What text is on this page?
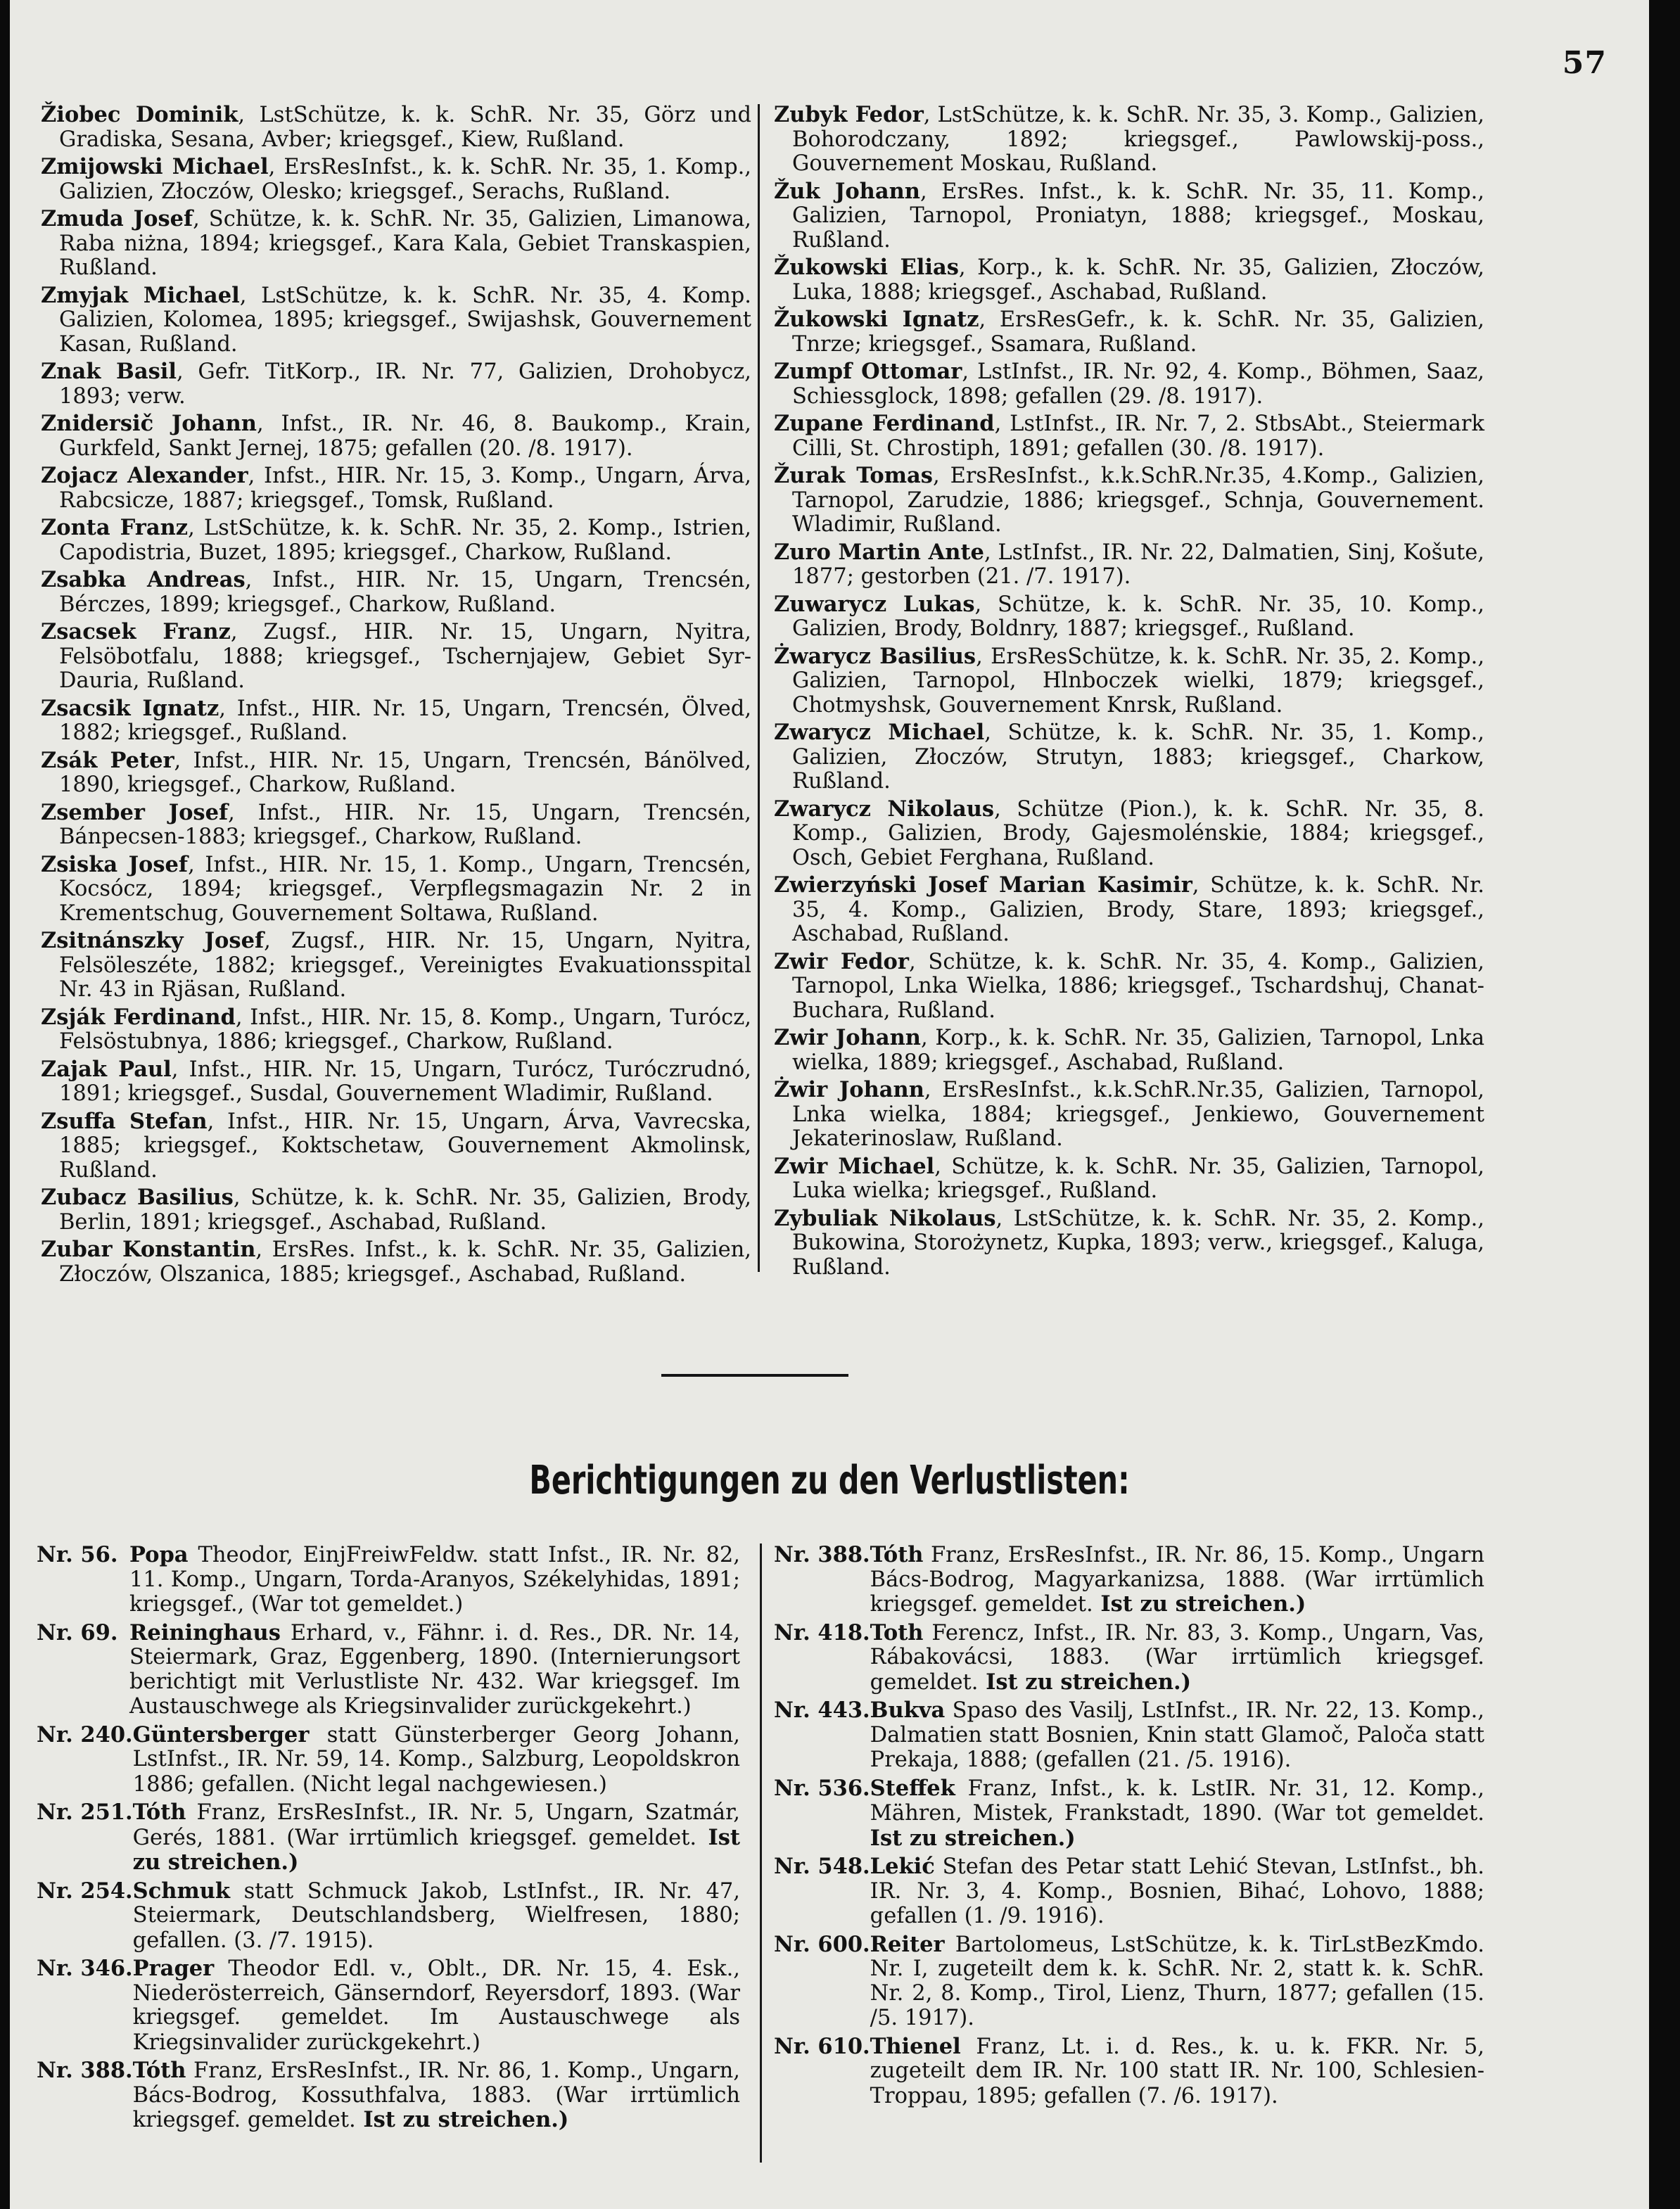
57
Žiobec Dominik, LstSchütze, k. k. SchR. Nr. 35, Görz und Gradiska, Sesana, Avber; kriegsgef., Kiew, Rußland.
Zmijowski Michael, ErsResInfst., k. k. SchR. Nr. 35, 1. Komp., Galizien, Złoczów, Olesko; kriegsgef., Serachs, Rußland.
Zmuda Josef, Schütze, k. k. SchR. Nr. 35, Galizien, Limanowa, Raba niżna, 1894; kriegsgef., Kara Kala, Gebiet Transkaspien, Rußland.
Zmyjak Michael, LstSchütze, k. k. SchR. Nr. 35, 4. Komp. Galizien, Kolomea, 1895; kriegsgef., Swijashsk, Gouvernement Kasan, Rußland.
Znak Basil, Gefr. TitKorp., IR. Nr. 77, Galizien, Drohobycz, 1893; verw.
Znidersič Johann, Infst., IR. Nr. 46, 8. Baukomp., Krain, Gurkfeld, Sankt Jernej, 1875; gefallen (20. /8. 1917).
Zojacz Alexander, Infst., HIR. Nr. 15, 3. Komp., Ungarn, Árva, Rabcsicze, 1887; kriegsgef., Tomsk, Rußland.
Zonta Franz, LstSchütze, k. k. SchR. Nr. 35, 2. Komp., Istrien, Capodistria, Buzet, 1895; kriegsgef., Charkow, Rußland.
Zsabka Andreas, Infst., HIR. Nr. 15, Ungarn, Trencsén, Bérczes, 1899; kriegsgef., Charkow, Rußland.
Zsacsek Franz, Zugsf., HIR. Nr. 15, Ungarn, Nyitra, Felsöbotfalu, 1888; kriegsgef., Tschernjajew, Gebiet Syr-Dauria, Rußland.
Zsacsik Ignatz, Infst., HIR. Nr. 15, Ungarn, Trencsén, Ölved, 1882; kriegsgef., Rußland.
Zsák Peter, Infst., HIR. Nr. 15, Ungarn, Trencsén, Bánölved, 1890, kriegsgef., Charkow, Rußland.
Zsember Josef, Infst., HIR. Nr. 15, Ungarn, Trencsén, Bánpecsen-1883; kriegsgef., Charkow, Rußland.
Zsiska Josef, Infst., HIR. Nr. 15, 1. Komp., Ungarn, Trencsén, Kocsócz, 1894; kriegsgef., Verpflegsmagazin Nr. 2 in Krementschug, Gouvernement Soltawa, Rußland.
Zsitnánszky Josef, Zugsf., HIR. Nr. 15, Ungarn, Nyitra, Felsöleszéte, 1882; kriegsgef., Vereinigtes Evakuationsspital Nr. 43 in Rjäsan, Rußland.
Zsják Ferdinand, Infst., HIR. Nr. 15, 8. Komp., Ungarn, Turócz, Felsöstubnya, 1886; kriegsgef., Charkow, Rußland.
Zajak Paul, Infst., HIR. Nr. 15, Ungarn, Turócz, Turóczrudnó, 1891; kriegsgef., Susdal, Gouvernement Wladimir, Rußland.
Zsuffa Stefan, Infst., HIR. Nr. 15, Ungarn, Árva, Vavrecska, 1885; kriegsgef., Koktschetaw, Gouvernement Akmolinsk, Rußland.
Zubacz Basilius, Schütze, k. k. SchR. Nr. 35, Galizien, Brody, Berlin, 1891; kriegsgef., Aschabad, Rußland.
Zubar Konstantin, ErsRes. Infst., k. k. SchR. Nr. 35, Galizien, Złoczów, Olszanica, 1885; kriegsgef., Aschabad, Rußland.
Zubyk Fedor, LstSchütze, k. k. SchR. Nr. 35, 3. Komp., Galizien, Bohorodczany, 1892; kriegsgef., Pawlowskij-poss., Gouvernement Moskau, Rußland.
Žuk Johann, ErsRes. Infst., k. k. SchR. Nr. 35, 11. Komp., Galizien, Tarnopol, Proniatyn, 1888; kriegsgef., Moskau, Rußland.
Žukowski Elias, Korp., k. k. SchR. Nr. 35, Galizien, Złoczów, Luka, 1888; kriegsgef., Aschabad, Rußland.
Žukowski Ignatz, ErsResGefr., k. k. SchR. Nr. 35, Galizien, Tnrze; kriegsgef., Ssamara, Rußland.
Zumpf Ottomar, LstInfst., IR. Nr. 92, 4. Komp., Böhmen, Saaz, Schiessglock, 1898; gefallen (29. /8. 1917).
Zupane Ferdinand, LstInfst., IR. Nr. 7, 2. StbsAbt., Steiermark Cilli, St. Chrostiph, 1891; gefallen (30. /8. 1917).
Žurak Tomas, ErsResInfst., k.k.SchR.Nr.35, 4.Komp., Galizien, Tarnopol, Zarudzie, 1886; kriegsgef., Schnja, Gouvernement. Wladimir, Rußland.
Zuro Martin Ante, LstInfst., IR. Nr. 22, Dalmatien, Sinj, Košute, 1877; gestorben (21. /7. 1917).
Zuwarycz Lukas, Schütze, k. k. SchR. Nr. 35, 10. Komp., Galizien, Brody, Boldnry, 1887; kriegsgef., Rußland.
Żwarycz Basilius, ErsResSchütze, k. k. SchR. Nr. 35, 2. Komp., Galizien, Tarnopol, Hlnboczek wielki, 1879; kriegsgef., Chotmyshsk, Gouvernement Knrsk, Rußland.
Zwarycz Michael, Schütze, k. k. SchR. Nr. 35, 1. Komp., Galizien, Złoczów, Strutyn, 1883; kriegsgef., Charkow, Rußland.
Zwarycz Nikolaus, Schütze (Pion.), k. k. SchR. Nr. 35, 8. Komp., Galizien, Brody, Gajesmolénskie, 1884; kriegsgef., Osch, Gebiet Ferghana, Rußland.
Zwierzyński Josef Marian Kasimir, Schütze, k. k. SchR. Nr. 35, 4. Komp., Galizien, Brody, Stare, 1893; kriegsgef., Aschabad, Rußland.
Zwir Fedor, Schütze, k. k. SchR. Nr. 35, 4. Komp., Galizien, Tarnopol, Lnka Wielka, 1886; kriegsgef., Tschardshuj, Chanat-Buchara, Rußland.
Zwir Johann, Korp., k. k. SchR. Nr. 35, Galizien, Tarnopol, Lnka wielka, 1889; kriegsgef., Aschabad, Rußland.
Żwir Johann, ErsResInfst., k.k.SchR.Nr.35, Galizien, Tarnopol, Lnka wielka, 1884; kriegsgef., Jenkiewo, Gouvernement Jekaterinoslaw, Rußland.
Zwir Michael, Schütze, k. k. SchR. Nr. 35, Galizien, Tarnopol, Luka wielka; kriegsgef., Rußland.
Zybuliak Nikolaus, LstSchütze, k. k. SchR. Nr. 35, 2. Komp., Bukowina, Storożynetz, Kupka, 1893; verw., kriegsgef., Kaluga, Rußland.
Berichtigungen zu den Verlustlisten:
Nr. 56. Popa Theodor, EinjFreiwFeldw. statt Infst., IR. Nr. 82, 11. Komp., Ungarn, Torda-Aranyos, Székelyhidas, 1891; kriegsgef., (War tot gemeldet.)
Nr. 69. Reininghaus Erhard, v., Fähnr. i. d. Res., DR. Nr. 14, Steiermark, Graz, Eggenberg, 1890. (Internierungsort berichtigt mit Verlustliste Nr. 432. War kriegsgef. Im Austauschwege als Kriegsinvalider zurückgekehrt.)
Nr. 240. Güntersberger statt Günsterberger Georg Johann, LstInfst., IR. Nr. 59, 14. Komp., Salzburg, Leopoldskron 1886; gefallen. (Nicht legal nachgewiesen.)
Nr. 251. Tóth Franz, ErsResInfst., IR. Nr. 5, Ungarn, Szatmár, Gerés, 1881. (War irrtümlich kriegsgef. gemeldet. Ist zu streichen.)
Nr. 254. Schmuk statt Schmuck Jakob, LstInfst., IR. Nr. 47, Steiermark, Deutschlandsberg, Wielfresen, 1880; gefallen. (3. /7. 1915).
Nr. 346. Prager Theodor Edl. v., Oblt., DR. Nr. 15, 4. Esk., Niederösterreich, Gänserndorf, Reyersdorf, 1893. (War kriegsgef. gemeldet. Im Austauschwege als Kriegsinvalider zurückgekehrt.)
Nr. 388. Tóth Franz, ErsResInfst., IR. Nr. 86, 1. Komp., Ungarn, Bács-Bodrog, Kossuthfalva, 1883. (War irrtümlich kriegsgef. gemeldet. Ist zu streichen.)
Nr. 388. Tóth Franz, ErsResInfst., IR. Nr. 86, 15. Komp., Ungarn Bács-Bodrog, Magyarkanizsa, 1888. (War irrtümlich kriegsgef. gemeldet. Ist zu streichen.)
Nr. 418. Toth Ferencz, Infst., IR. Nr. 83, 3. Komp., Ungarn, Vas, Rábakovácsi, 1883. (War irrtümlich kriegsgef. gemeldet. Ist zu streichen.)
Nr. 443. Bukva Spaso des Vasilj, LstInfst., IR. Nr. 22, 13. Komp., Dalmatien statt Bosnien, Knin statt Glamoč, Paloča statt Prekaja, 1888; (gefallen (21. /5. 1916).
Nr. 536. Steffek Franz, Infst., k. k. LstIR. Nr. 31, 12. Komp., Mähren, Mistek, Frankstadt, 1890. (War tot gemeldet. Ist zu streichen.)
Nr. 548. Lekić Stefan des Petar statt Lehić Stevan, LstInfst., bh. IR. Nr. 3, 4. Komp., Bosnien, Bihać, Lohovo, 1888; gefallen (1. /9. 1916).
Nr. 600. Reiter Bartolomeus, LstSchütze, k. k. TirLstBezKmdo. Nr. I, zugeteilt dem k. k. SchR. Nr. 2, statt k. k. SchR. Nr. 2, 8. Komp., Tirol, Lienz, Thurn, 1877; gefallen (15. /5. 1917).
Nr. 610. Thienel Franz, Lt. i. d. Res., k. u. k. FKR. Nr. 5, zugeteilt dem IR. Nr. 100 statt IR. Nr. 100, Schlesien-Troppau, 1895; gefallen (7. /6. 1917).
